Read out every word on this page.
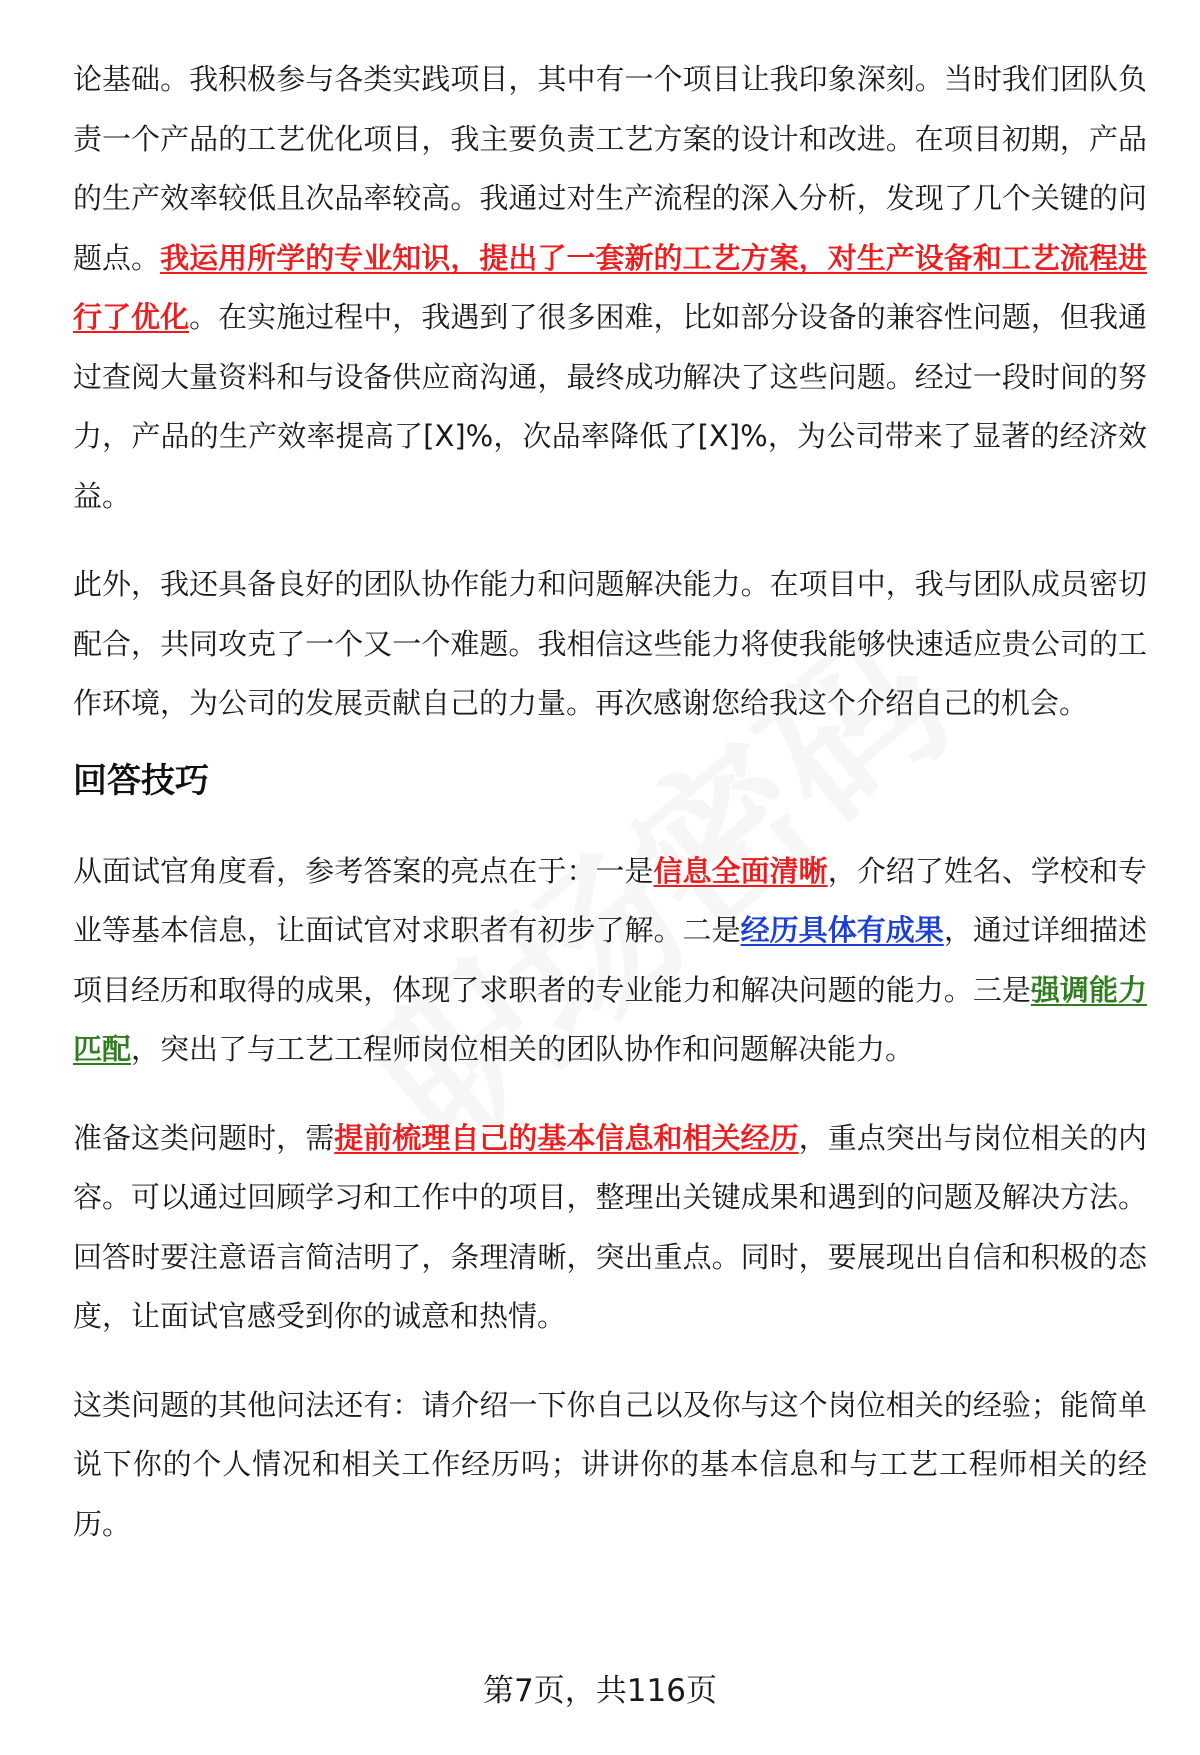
论基础。我积极参与各类实践项目，其中有一个项目让我印象深刻。当时我们团队负责一个产品的工艺优化项目，我主要负责工艺方案的设计和改进。在项目初期，产品的生产效率较低且次品率较高。我通过对生产流程的深入分析，发现了几个关键的问题点。我运用所学的专业知识，提出了一套新的工艺方案，对生产设备和工艺流程进行了优化。在实施过程中，我遇到了很多困难，比如部分设备的兼容性问题，但我通过查阅大量资料和与设备供应商沟通，最终成功解决了这些问题。经过一段时间的努力，产品的生产效率提高了[X]%，次品率降低了[X]%，为公司带来了显著的经济效益。

此外，我还具备良好的团队协作能力和问题解决能力。在项目中，我与团队成员密切配合，共同攻克了一个又一个难题。我相信这些能力将使我能够快速适应贵公司的工作环境，为公司的发展贡献自己的力量。再次感谢您给我这个介绍自己的机会。

回答技巧

从面试官角度看，参考答案的亮点在于：一是信息全面清晰，介绍了姓名、学校和专业等基本信息，让面试官对求职者有初步了解。二是经历具体有成果，通过详细描述项目经历和取得的成果，体现了求职者的专业能力和解决问题的能力。三是强调能力匹配，突出了与工艺工程师岗位相关的团队协作和问题解决能力。

准备这类问题时，需提前梳理自己的基本信息和相关经历，重点突出与岗位相关的内容。可以通过回顾学习和工作中的项目，整理出关键成果和遇到的问题及解决方法。回答时要注意语言简洁明了，条理清晰，突出重点。同时，要展现出自信和积极的态度，让面试官感受到你的诚意和热情。

这类问题的其他问法还有：请介绍一下你自己以及你与这个岗位相关的经验；能简单说下你的个人情况和相关工作经历吗；讲讲你的基本信息和与工艺工程师相关的经历。

第7页，共116页
